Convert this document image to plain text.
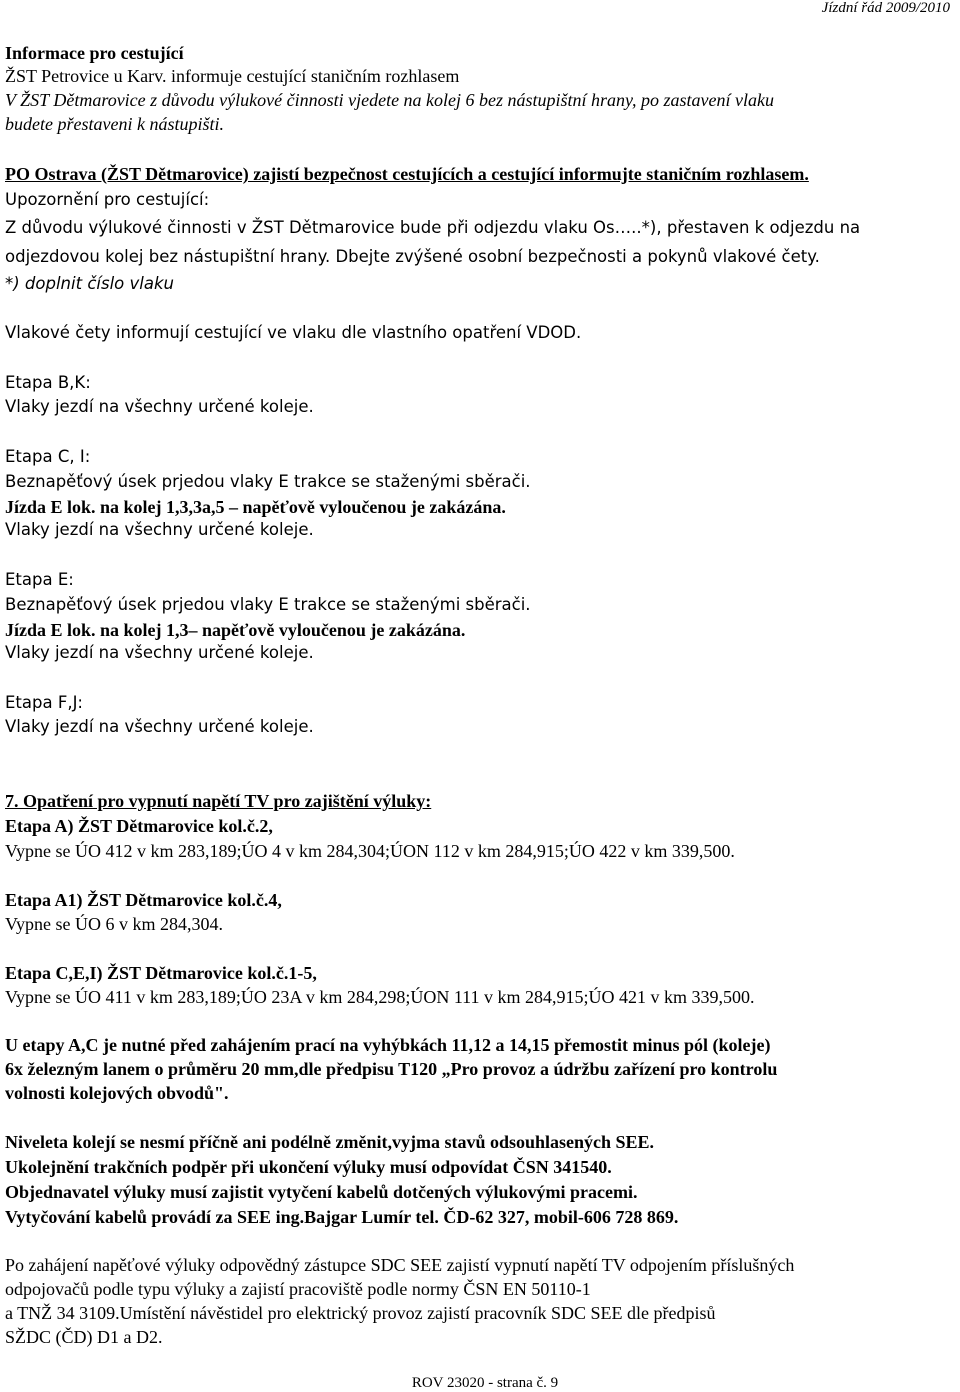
Jízdní řád 2009/2010
Informace pro cestující
ŽST Petrovice u Karv. informuje cestující staničním rozhlasem
V ŽST Dětmarovice z důvodu výlukové činnosti vjedete na kolej 6 bez nástupištní hrany, po zastavení vlaku
budete přestaveni k nástupišti.
PO Ostrava (ŽST Dětmarovice) zajistí bezpečnost cestujících a cestující informujte staničním rozhlasem.
Upozornění pro cestující:
Z důvodu výlukové činnosti v ŽST Dětmarovice bude při odjezdu vlaku Os…..*), přestaven k odjezdu na
odjezdovou kolej bez nástupištní hrany. Dbejte zvýšené osobní bezpečnosti a pokynů vlakové čety.
*) doplnit číslo vlaku
Vlakové čety informují cestující ve vlaku dle vlastního opatření VDOD.
Etapa B,K:
Vlaky jezdí na všechny určené koleje.
Etapa C, I:
Beznapěťový úsek prjedou vlaky E trakce se staženými sběrači.
Jízda E lok. na kolej 1,3,3a,5 – napěťově vyloučenou je zakázána.
Vlaky jezdí na všechny určené koleje.
Etapa E:
Beznapěťový úsek prjedou vlaky E trakce se staženými sběrači.
Jízda E lok. na kolej 1,3– napěťově vyloučenou je zakázána.
Vlaky jezdí na všechny určené koleje.
Etapa F,J:
Vlaky jezdí na všechny určené koleje.
7. Opatření pro vypnutí napětí TV pro zajištění výluky:
Etapa A) ŽST Dětmarovice kol.č.2,
Vypne se ÚO 412 v km 283,189;ÚO 4 v km 284,304;ÚON 112 v km 284,915;ÚO 422 v km 339,500.
Etapa A1) ŽST Dětmarovice kol.č.4,
Vypne se ÚO 6 v km 284,304.
Etapa C,E,I) ŽST Dětmarovice kol.č.1-5,
Vypne se ÚO 411 v km 283,189;ÚO 23A v km 284,298;ÚON 111 v km 284,915;ÚO 421 v km 339,500.
U etapy A,C je nutné před zahájením prací na vyhýbkách 11,12 a 14,15 přemostit minus pól (koleje)
6x železným lanem o průměru 20 mm,dle předpisu T120 „Pro provoz a údržbu zařízení pro kontrolu
volnosti kolejových obvodů".
Niveleta kolejí se nesmí příčně ani podélně změnit,vyjma stavů odsouhlasených SEE.
Ukolejnění trakčních podpěr při ukončení výluky musí odpovídat ČSN 341540.
Objednavatel výluky musí zajistit vytyčení kabelů dotčených výlukovými pracemi.
Vytyčování kabelů provádí za SEE ing.Bajgar Lumír tel. ČD-62 327, mobil-606 728 869.
Po zahájení napěťové výluky odpovědný zástupce SDC SEE zajistí vypnutí napětí TV odpojením příslušných
odpojovačů podle typu výluky a zajistí pracoviště podle normy ČSN EN 50110-1
a TNŽ 34 3109.Umístění návěstidel pro elektrický provoz zajistí pracovník SDC SEE dle předpisů
SŽDC (ČD) D1 a D2.
ROV 23020 - strana č. 9
